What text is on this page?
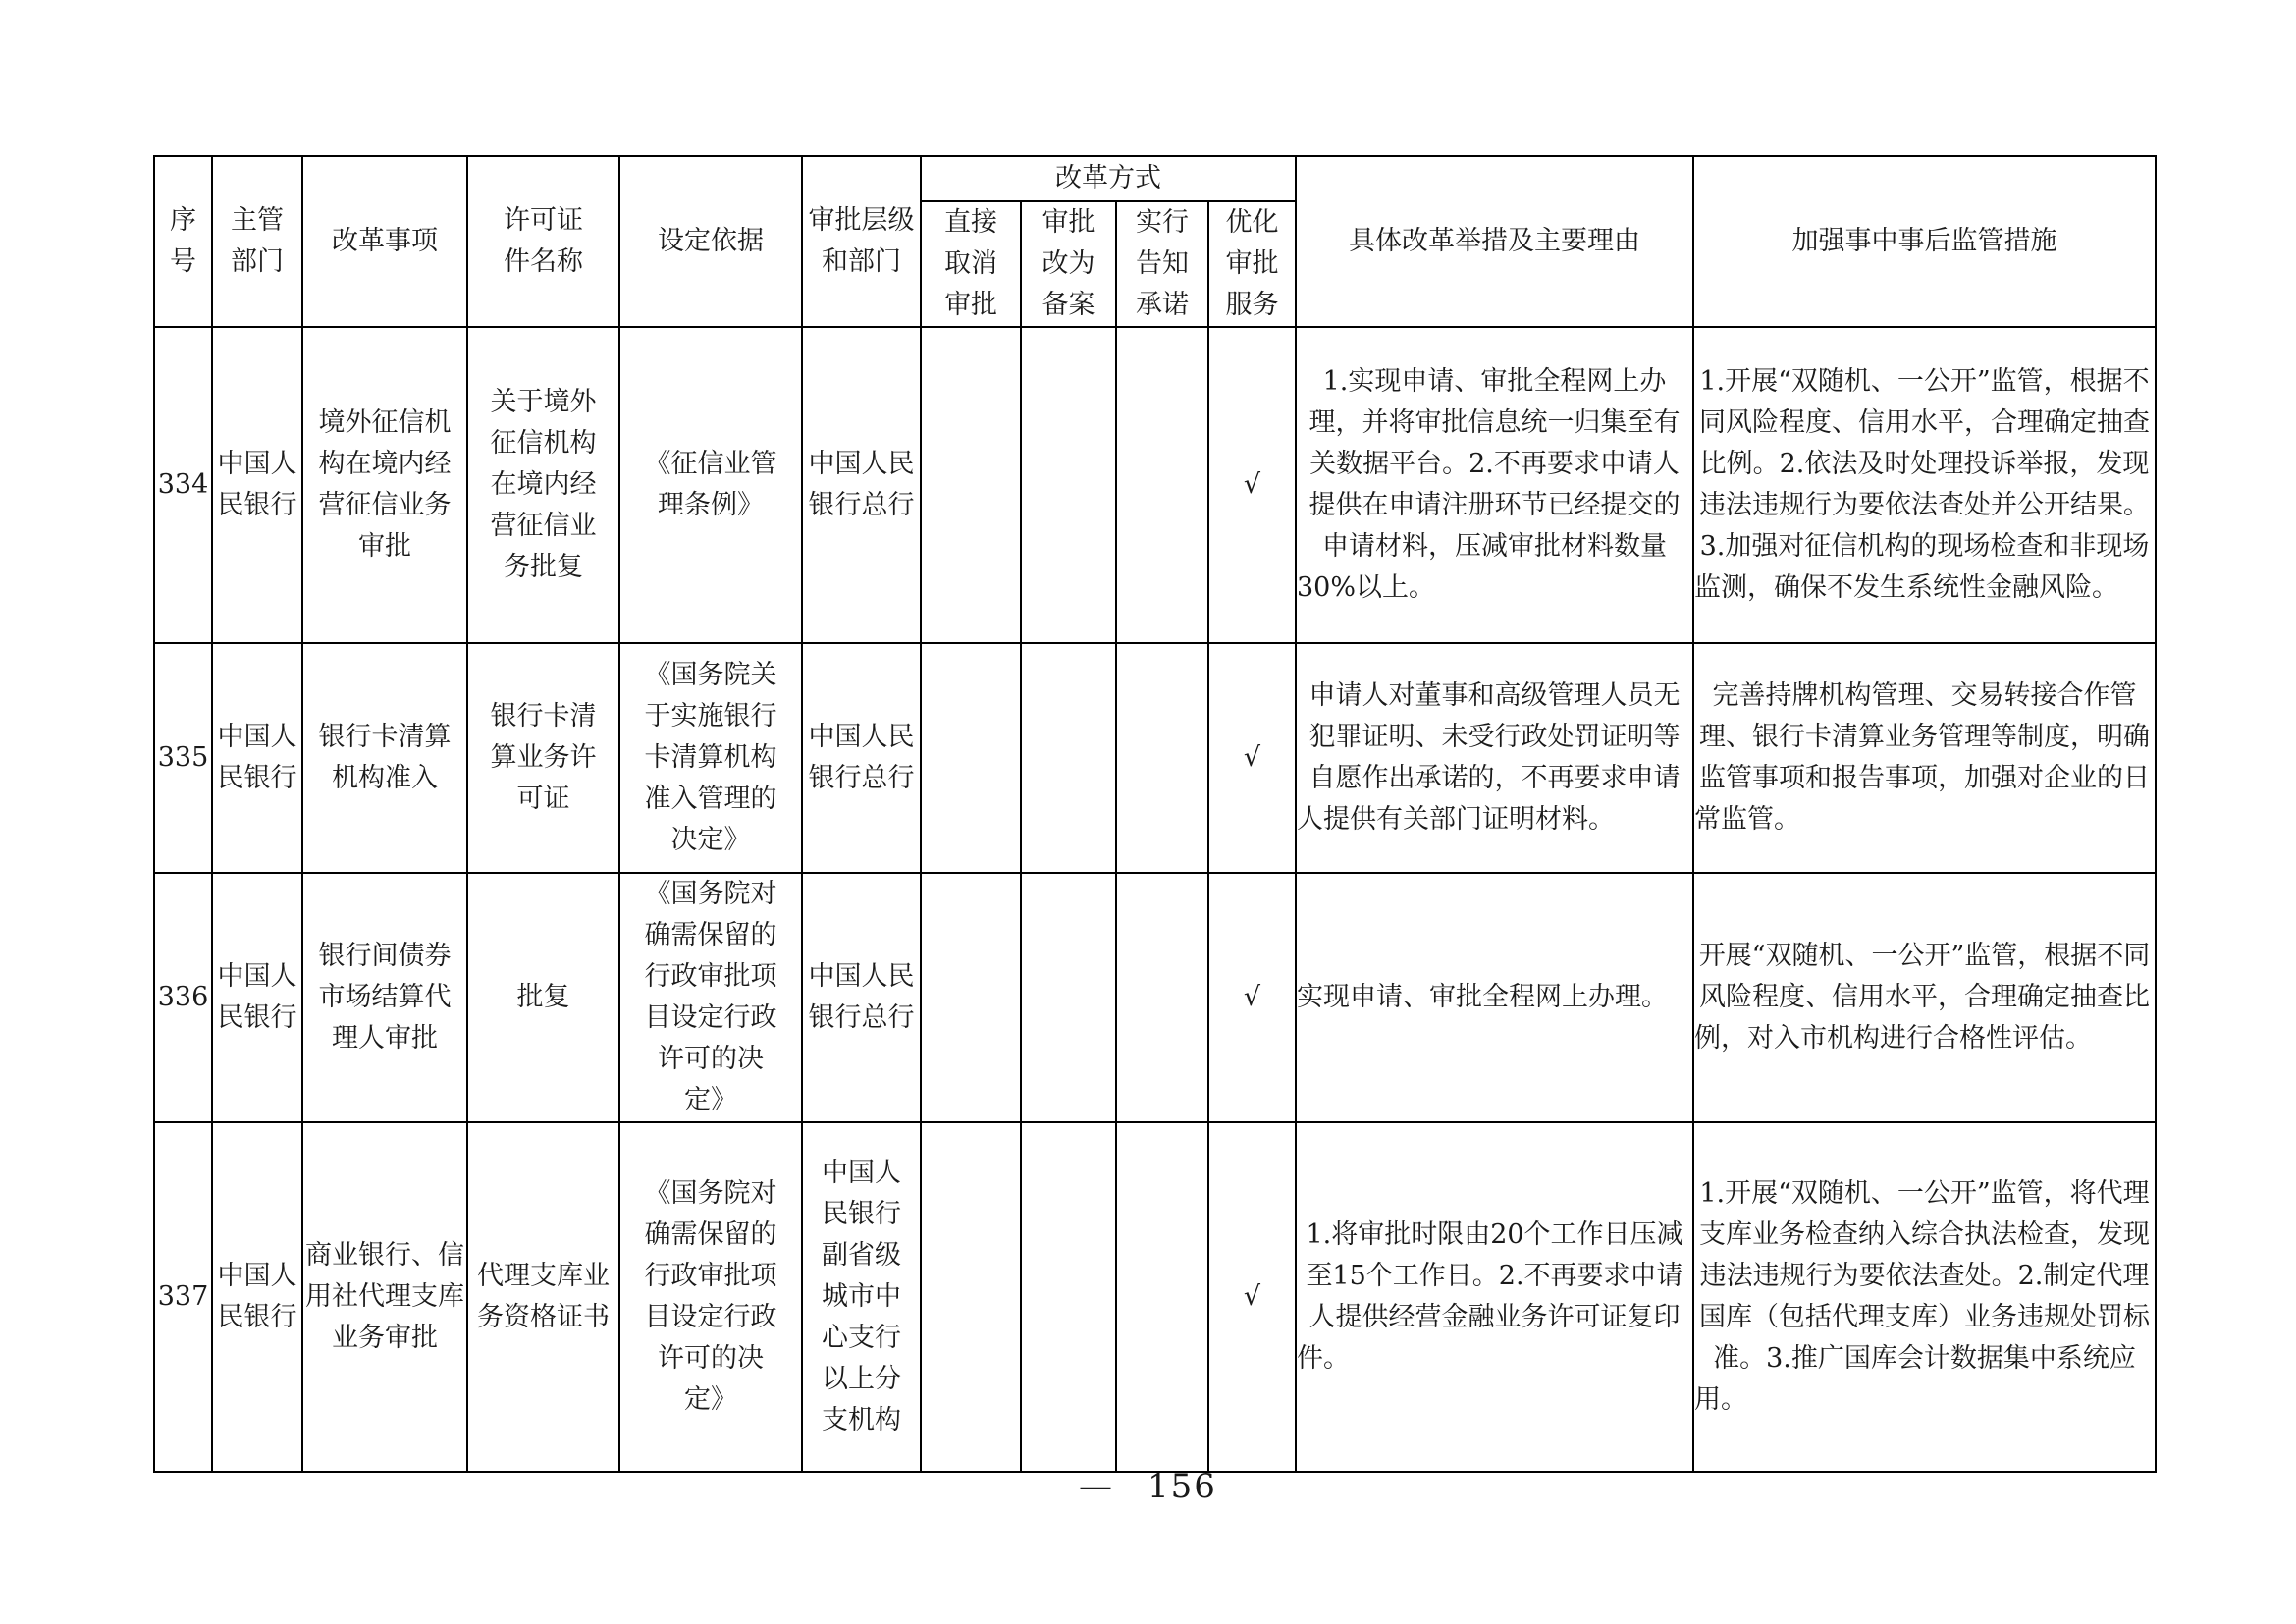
序号	主管部门	改革事项	许可证件名称	设定依据	审批层级和部门	改革方式				具体改革举措及主要理由	加强事中事后监管措施

						直接取消审批	审批改为备案	实行告知承诺	优化审批服务		

334	中国人民银行	境外征信机构在境内经营征信业务审批	关于境外征信机构在境内经营征信业务批复	《征信业管理条例》	中国人民银行总行				√	1.实现申请、审批全程网上办理，并将审批信息统一归集至有关数据平台。2.不再要求申请人提供在申请注册环节已经提交的申请材料，压减审批材料数量30%以上。	1.开展“双随机、一公开”监管，根据不同风险程度、信用水平，合理确定抽查比例。2.依法及时处理投诉举报，发现违法违规行为要依法查处并公开结果。3.加强对征信机构的现场检查和非现场监测，确保不发生系统性金融风险。
335	中国人民银行	银行卡清算机构准入	银行卡清算业务许可证	《国务院关于实施银行卡清算机构准入管理的决定》	中国人民银行总行				√	申请人对董事和高级管理人员无犯罪证明、未受行政处罚证明等自愿作出承诺的，不再要求申请人提供有关部门证明材料。	完善持牌机构管理、交易转接合作管理、银行卡清算业务管理等制度，明确监管事项和报告事项，加强对企业的日常监管。
336	中国人民银行	银行间债券市场结算代理人审批	批复	《国务院对确需保留的行政审批项目设定行政许可的决定》	中国人民银行总行				√	实现申请、审批全程网上办理。	开展“双随机、一公开”监管，根据不同风险程度、信用水平，合理确定抽查比例，对入市机构进行合格性评估。
337	中国人民银行	商业银行、信用社代理支库业务审批	代理支库业务资格证书	《国务院对确需保留的行政审批项目设定行政许可的决定》	中国人民银行副省级城市中心支行以上分支机构				√	1.将审批时限由20个工作日压减至15个工作日。2.不再要求申请人提供经营金融业务许可证复印件。	1.开展“双随机、一公开”监管，将代理支库业务检查纳入综合执法检查，发现违法违规行为要依法查处。2.制定代理国库（包括代理支库）业务违规处罚标准。3.推广国库会计数据集中系统应用。
— 156
